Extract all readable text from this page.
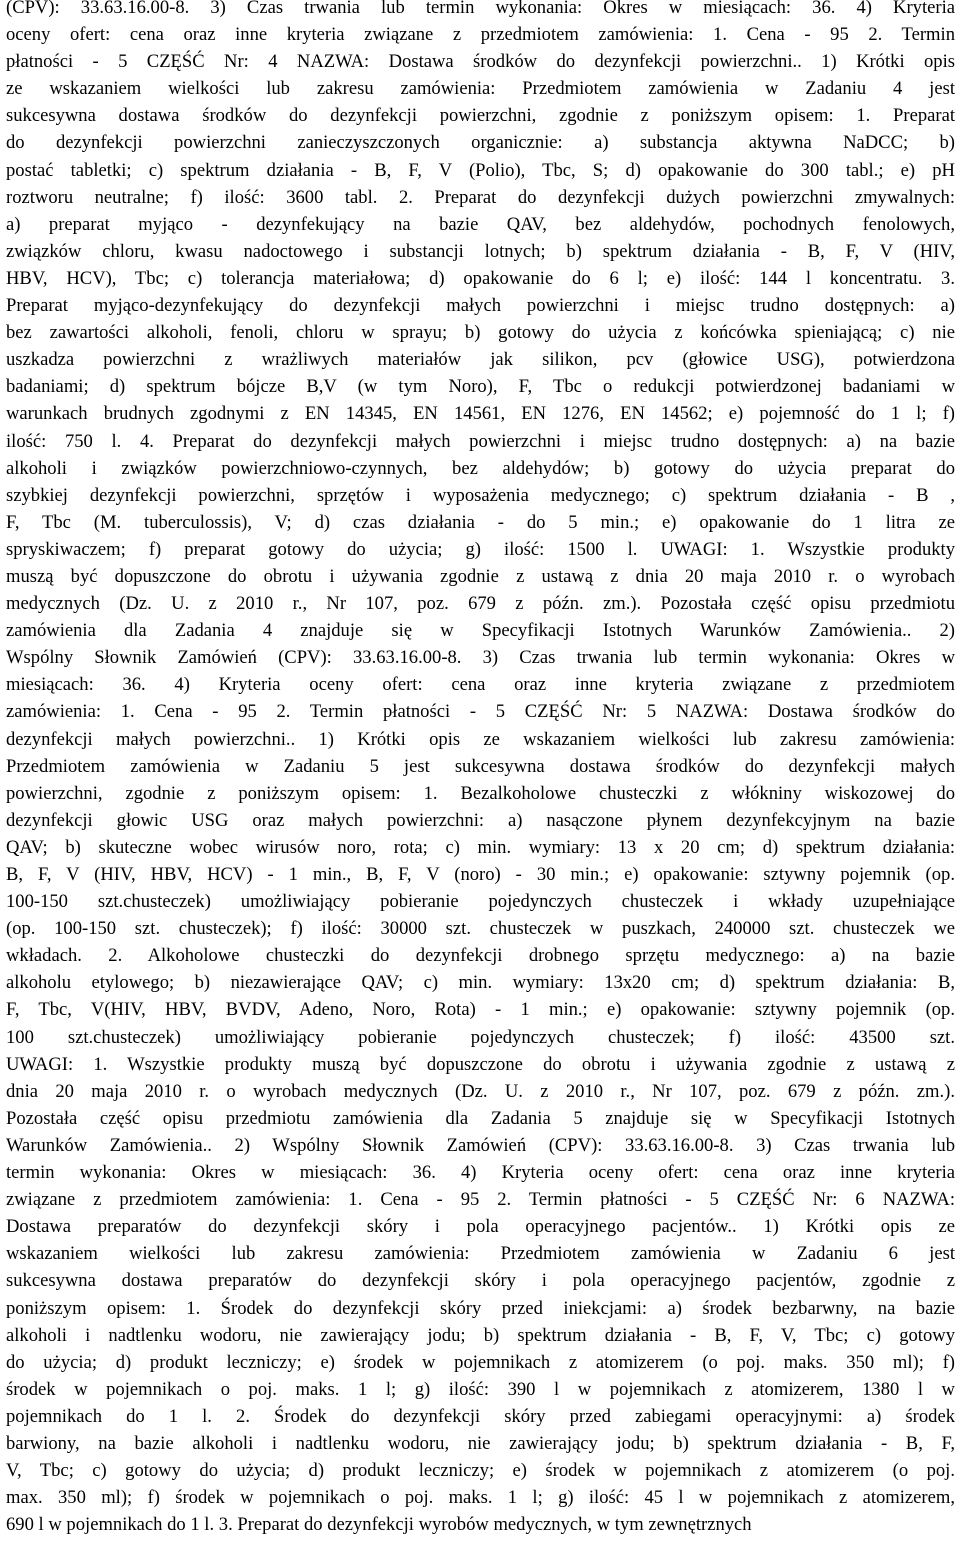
(CPV): 33.63.16.00-8. 3) Czas trwania lub termin wykonania: Okres w miesiącach: 36. 4) Kryteria
oceny ofert: cena oraz inne kryteria związane z przedmiotem zamówienia: 1. Cena - 95 2. Termin
płatności - 5 CZĘŚĆ Nr: 4 NAZWA: Dostawa środków do dezynfekcji powierzchni.. 1) Krótki opis
ze wskazaniem wielkości lub zakresu zamówienia: Przedmiotem zamówienia w Zadaniu 4 jest
sukcesywna dostawa środków do dezynfekcji powierzchni, zgodnie z poniższym opisem: 1. Preparat
do dezynfekcji powierzchni zanieczyszczonych organicznie: a) substancja aktywna NaDCC; b)
postać tabletki; c) spektrum działania - B, F, V (Polio), Tbc, S; d) opakowanie do 300 tabl.; e) pH
roztworu neutralne; f) ilość: 3600 tabl. 2. Preparat do dezynfekcji dużych powierzchni zmywalnych:
a) preparat myjąco - dezynfekujący na bazie QAV, bez aldehydów, pochodnych fenolowych,
związków chloru, kwasu nadoctowego i substancji lotnych; b) spektrum działania - B, F, V (HIV,
HBV, HCV), Tbc; c) tolerancja materiałowa; d) opakowanie do 6 l; e) ilość: 144 l koncentratu. 3.
Preparat myjąco-dezynfekujący do dezynfekcji małych powierzchni i miejsc trudno dostępnych: a)
bez zawartości alkoholi, fenoli, chloru w sprayu; b) gotowy do użycia z końcówka spieniającą; c) nie
uszkadza powierzchni z wrażliwych materiałów jak silikon, pcv (głowice USG), potwierdzona
badaniami; d) spektrum bójcze B,V (w tym Noro), F, Tbc o redukcji potwierdzonej badaniami w
warunkach brudnych zgodnymi z EN 14345, EN 14561, EN 1276, EN 14562; e) pojemność do 1 l; f)
ilość: 750 l. 4. Preparat do dezynfekcji małych powierzchni i miejsc trudno dostępnych: a) na bazie
alkoholi i związków powierzchniowo-czynnych, bez aldehydów; b) gotowy do użycia preparat do
szybkiej dezynfekcji powierzchni, sprzętów i wyposażenia medycznego; c) spektrum działania - B ,
F, Tbc (M. tuberculossis), V; d) czas działania - do 5 min.; e) opakowanie do 1 litra ze
spryskiwaczem; f) preparat gotowy do użycia; g) ilość: 1500 l. UWAGI: 1. Wszystkie produkty
muszą być dopuszczone do obrotu i używania zgodnie z ustawą z dnia 20 maja 2010 r. o wyrobach
medycznych (Dz. U. z 2010 r., Nr 107, poz. 679 z późn. zm.). Pozostała część opisu przedmiotu
zamówienia dla Zadania 4 znajduje się w Specyfikacji Istotnych Warunków Zamówienia.. 2)
Wspólny Słownik Zamówień (CPV): 33.63.16.00-8. 3) Czas trwania lub termin wykonania: Okres w
miesiącach: 36. 4) Kryteria oceny ofert: cena oraz inne kryteria związane z przedmiotem
zamówienia: 1. Cena - 95 2. Termin płatności - 5 CZĘŚĆ Nr: 5 NAZWA: Dostawa środków do
dezynfekcji małych powierzchni.. 1) Krótki opis ze wskazaniem wielkości lub zakresu zamówienia:
Przedmiotem zamówienia w Zadaniu 5 jest sukcesywna dostawa środków do dezynfekcji małych
powierzchni, zgodnie z poniższym opisem: 1. Bezalkoholowe chusteczki z włókniny wiskozowej do
dezynfekcji głowic USG oraz małych powierzchni: a) nasączone płynem dezynfekcyjnym na bazie
QAV; b) skuteczne wobec wirusów noro, rota; c) min. wymiary: 13 x 20 cm; d) spektrum działania:
B, F, V (HIV, HBV, HCV) - 1 min., B, F, V (noro) - 30 min.; e) opakowanie: sztywny pojemnik (op.
100-150 szt.chusteczek) umożliwiający pobieranie pojedynczych chusteczek i wkłady uzupełniające
(op. 100-150 szt. chusteczek); f) ilość: 30000 szt. chusteczek w puszkach, 240000 szt. chusteczek we
wkładach. 2. Alkoholowe chusteczki do dezynfekcji drobnego sprzętu medycznego: a) na bazie
alkoholu etylowego; b) niezawierające QAV; c) min. wymiary: 13x20 cm; d) spektrum działania: B,
F, Tbc, V(HIV, HBV, BVDV, Adeno, Noro, Rota) - 1 min.; e) opakowanie: sztywny pojemnik (op.
100 szt.chusteczek) umożliwiający pobieranie pojedynczych chusteczek; f) ilość: 43500 szt.
UWAGI: 1. Wszystkie produkty muszą być dopuszczone do obrotu i używania zgodnie z ustawą z
dnia 20 maja 2010 r. o wyrobach medycznych (Dz. U. z 2010 r., Nr 107, poz. 679 z późn. zm.).
Pozostała część opisu przedmiotu zamówienia dla Zadania 5 znajduje się w Specyfikacji Istotnych
Warunków Zamówienia.. 2) Wspólny Słownik Zamówień (CPV): 33.63.16.00-8. 3) Czas trwania lub
termin wykonania: Okres w miesiącach: 36. 4) Kryteria oceny ofert: cena oraz inne kryteria
związane z przedmiotem zamówienia: 1. Cena - 95 2. Termin płatności - 5 CZĘŚĆ Nr: 6 NAZWA:
Dostawa preparatów do dezynfekcji skóry i pola operacyjnego pacjentów.. 1) Krótki opis ze
wskazaniem wielkości lub zakresu zamówienia: Przedmiotem zamówienia w Zadaniu 6 jest
sukcesywna dostawa preparatów do dezynfekcji skóry i pola operacyjnego pacjentów, zgodnie z
poniższym opisem: 1. Środek do dezynfekcji skóry przed iniekcjami: a) środek bezbarwny, na bazie
alkoholi i nadtlenku wodoru, nie zawierający jodu; b) spektrum działania - B, F, V, Tbc; c) gotowy
do użycia; d) produkt leczniczy; e) środek w pojemnikach z atomizerem (o poj. maks. 350 ml); f)
środek w pojemnikach o poj. maks. 1 l; g) ilość: 390 l w pojemnikach z atomizerem, 1380 l w
pojemnikach do 1 l. 2. Środek do dezynfekcji skóry przed zabiegami operacyjnymi: a) środek
barwiony, na bazie alkoholi i nadtlenku wodoru, nie zawierający jodu; b) spektrum działania - B, F,
V, Tbc; c) gotowy do użycia; d) produkt leczniczy; e) środek w pojemnikach z atomizerem (o poj.
max. 350 ml); f) środek w pojemnikach o poj. maks. 1 l; g) ilość: 45 l w pojemnikach z atomizerem,
690 l w pojemnikach do 1 l. 3. Preparat do dezynfekcji wyrobów medycznych, w tym zewnętrznych
